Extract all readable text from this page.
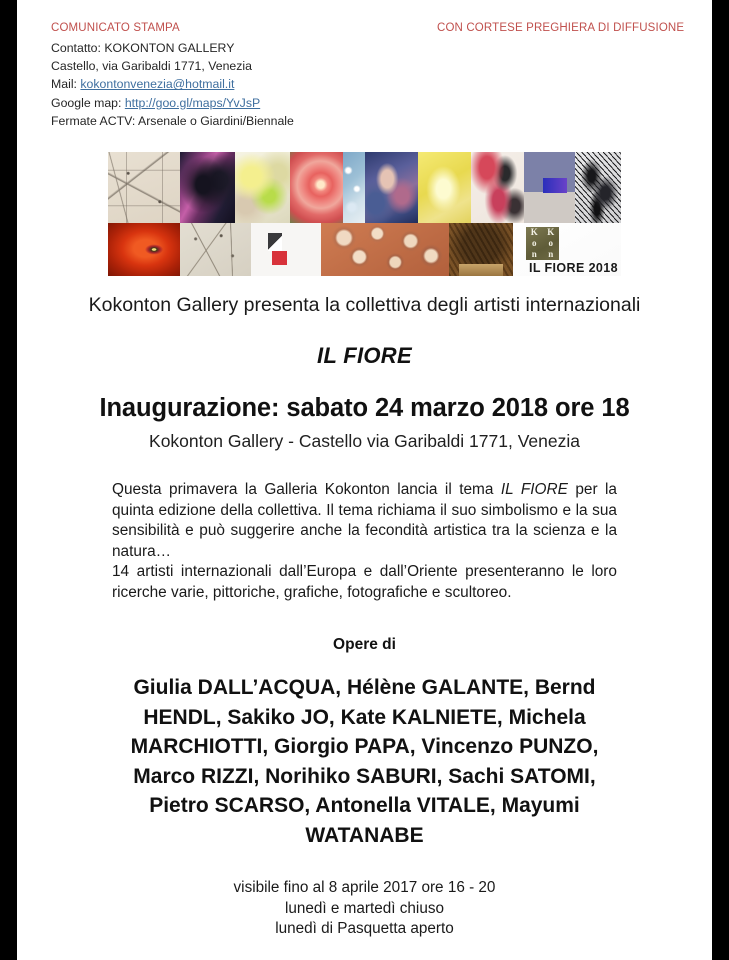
COMUNICATO STAMPA	CON CORTESE PREGHIERA DI DIFFUSIONE
Contatto: KOKONTON GALLERY
Castello, via Garibaldi 1771, Venezia
Mail: kokontonvenezia@hotmail.it
Google map: http://goo.gl/maps/YvJsP
Fermate ACTV: Arsenale o Giardini/Biennale
K K
o o
n n
IL FIORE 2018
Kokonton Gallery presenta la collettiva degli artisti internazionali
IL FIORE
Inaugurazione: sabato 24 marzo 2018 ore 18
Kokonton Gallery - Castello via Garibaldi 1771, Venezia

Questa primavera la Galleria Kokonton lancia il tema IL FIORE per la quinta edizione della collettiva. Il tema richiama il suo simbolismo e la sua sensibilità e può suggerire anche la fecondità artistica tra la scienza e la natura…

14 artisti internazionali dall’Europa e dall’Oriente presenteranno le loro ricerche varie, pittoriche, grafiche, fotografiche e scultoreo.

Opere di
Giulia DALL’ACQUA, Hélène GALANTE, Bernd HENDL, Sakiko JO, Kate KALNIETE, Michela MARCHIOTTI, Giorgio PAPA, Vincenzo PUNZO, Marco RIZZI, Norihiko SABURI, Sachi SATOMI, Pietro SCARSO, Antonella VITALE, Mayumi WATANABE
visibile fino al 8 aprile 2017 ore 16 - 20
lunedì e martedì chiuso
lunedì di Pasquetta aperto
